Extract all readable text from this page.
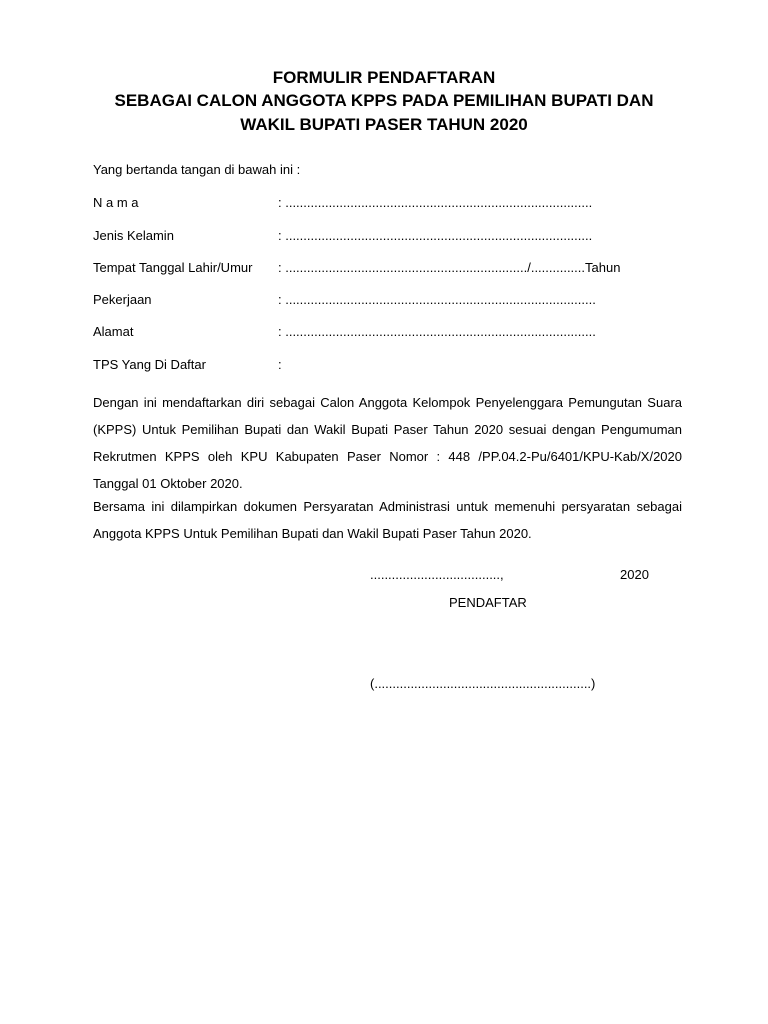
FORMULIR PENDAFTARAN
SEBAGAI CALON ANGGOTA KPPS PADA PEMILIHAN BUPATI DAN
WAKIL BUPATI PASER TAHUN 2020
Yang bertanda tangan di bawah ini :
N a m a	: .....................................................................................
Jenis Kelamin	: .....................................................................................
Tempat Tanggal Lahir/Umur : .................................................................../...............Tahun
Pekerjaan	: ......................................................................................
Alamat	: ......................................................................................
TPS Yang Di Daftar	:
Dengan ini mendaftarkan diri sebagai Calon Anggota Kelompok Penyelenggara Pemungutan Suara (KPPS) Untuk Pemilihan Bupati dan Wakil Bupati Paser Tahun 2020 sesuai dengan Pengumuman Rekrutmen KPPS oleh KPU Kabupaten Paser Nomor : 448 /PP.04.2-Pu/6401/KPU-Kab/X/2020 Tanggal 01 Oktober 2020.
Bersama ini dilampirkan dokumen Persyaratan Administrasi untuk memenuhi persyaratan sebagai Anggota KPPS Untuk Pemilihan Bupati dan Wakil Bupati Paser Tahun 2020.
....................................,	2020
PENDAFTAR
(............................................................)
